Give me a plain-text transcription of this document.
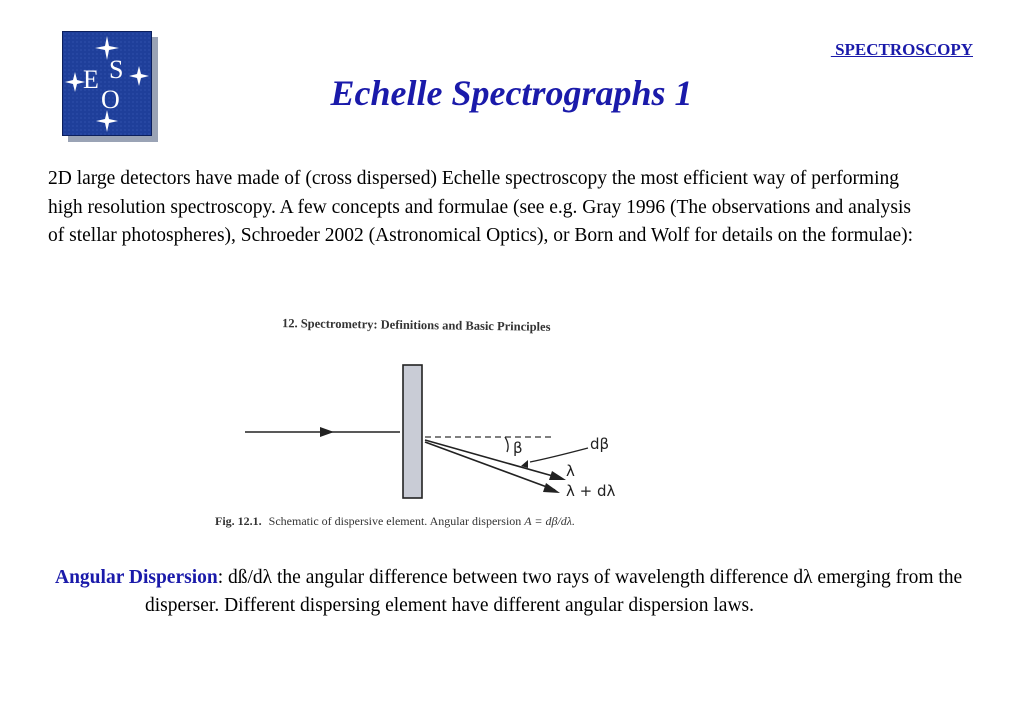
E S
O
SPECTROSCOPY
Echelle Spectrographs 1

2D large detectors have made of (cross dispersed) Echelle spectroscopy the most efficient way of performing high resolution spectroscopy. A few concepts and formulae (see e.g. Gray 1996 (The observations and analysis of stellar photospheres), Schroeder 2002 (Astronomical Optics), or Born and Wolf for details on the formulae):

12. Spectrometry: Definitions and Basic Principles
β	dβ
λ
λ + dλ
Fig. 12.1. Schematic of dispersive element. Angular dispersion A = dβ/dλ.

Angular Dispersion: dß/dλ the angular difference between two rays of wavelength difference dλ emerging from the disperser. Different dispersing element have different angular dispersion laws.
